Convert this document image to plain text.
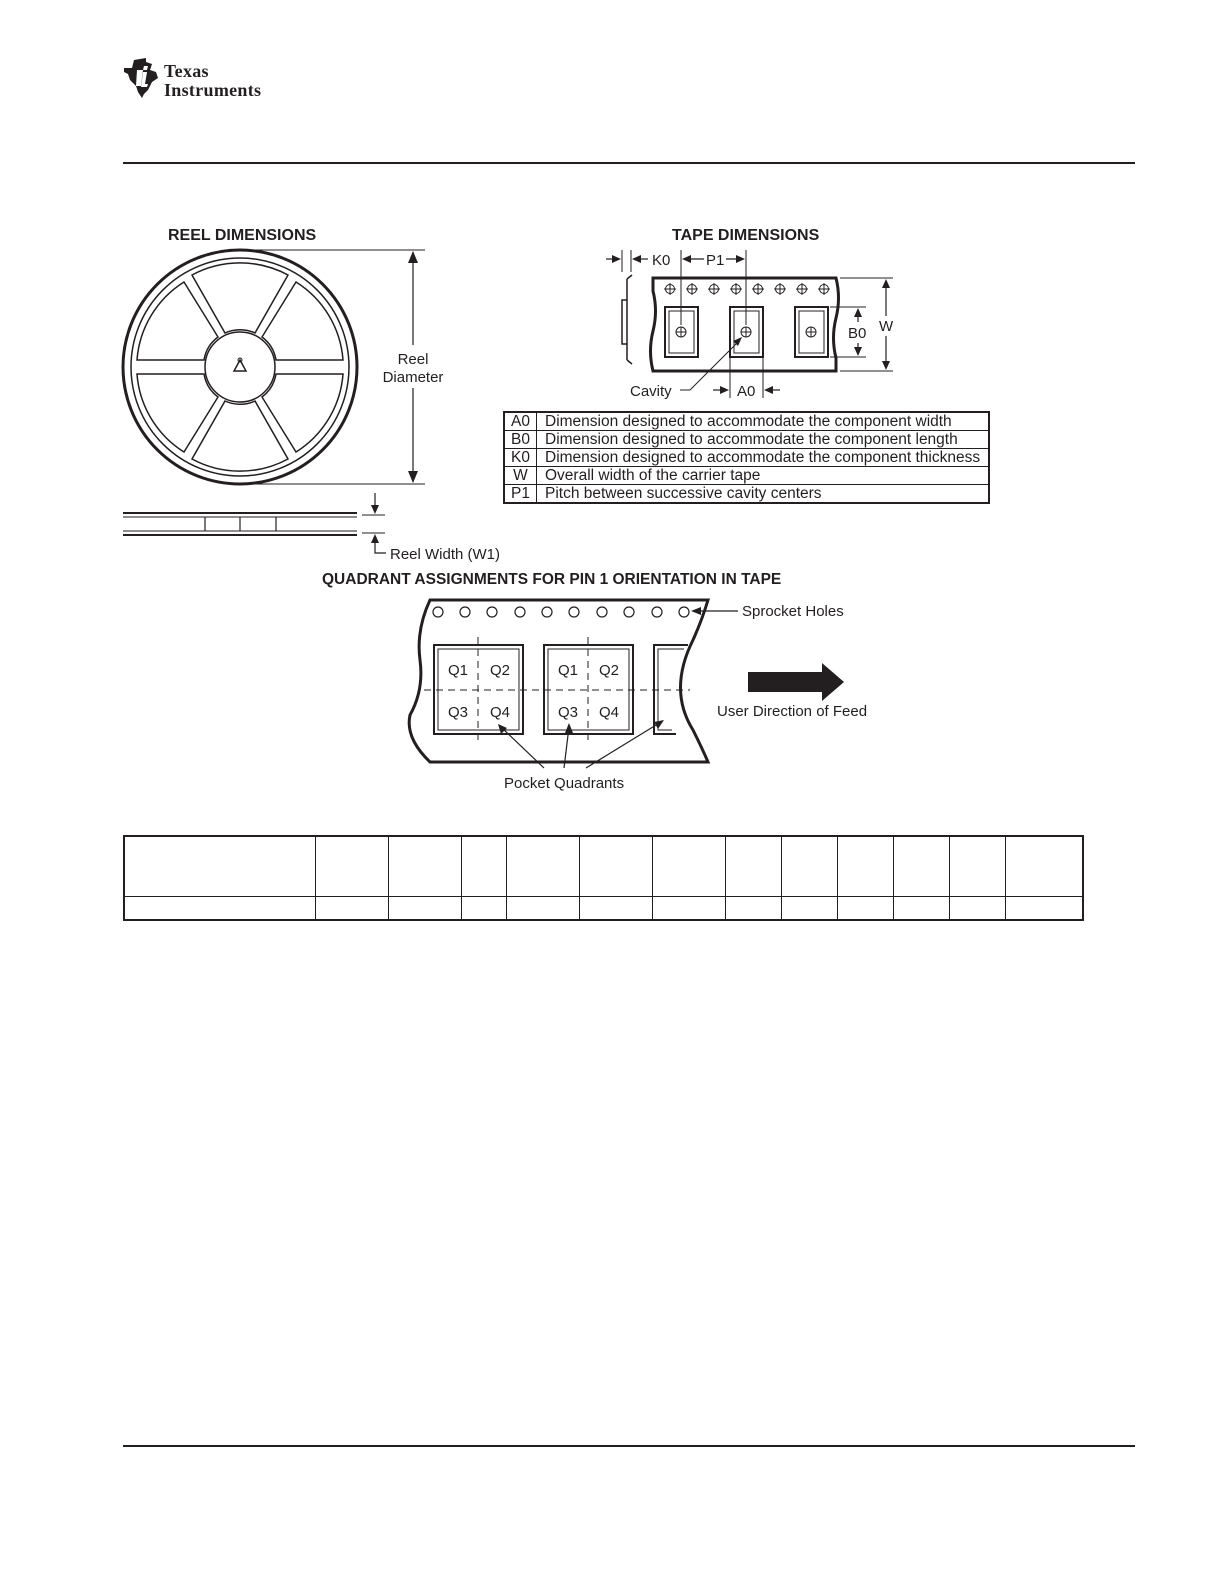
Texas
Instruments
REEL DIMENSIONS
Reel
Diameter
Reel Width (W1)
TAPE DIMENSIONS
K0 P1
B0 W
A0
Cavity
QUADRANT ASSIGNMENTS FOR PIN 1 ORIENTATION IN TAPE
Q1 Q2
Q3 Q4
Q1 Q2
Q3 Q4
Sprocket Holes
User Direction of Feed
Pocket Quadrants
A0	Dimension designed to accommodate the component width
B0	Dimension designed to accommodate the component length
K0	Dimension designed to accommodate the component thickness
W	Overall width of the carrier tape
P1	Pitch between successive cavity centers
